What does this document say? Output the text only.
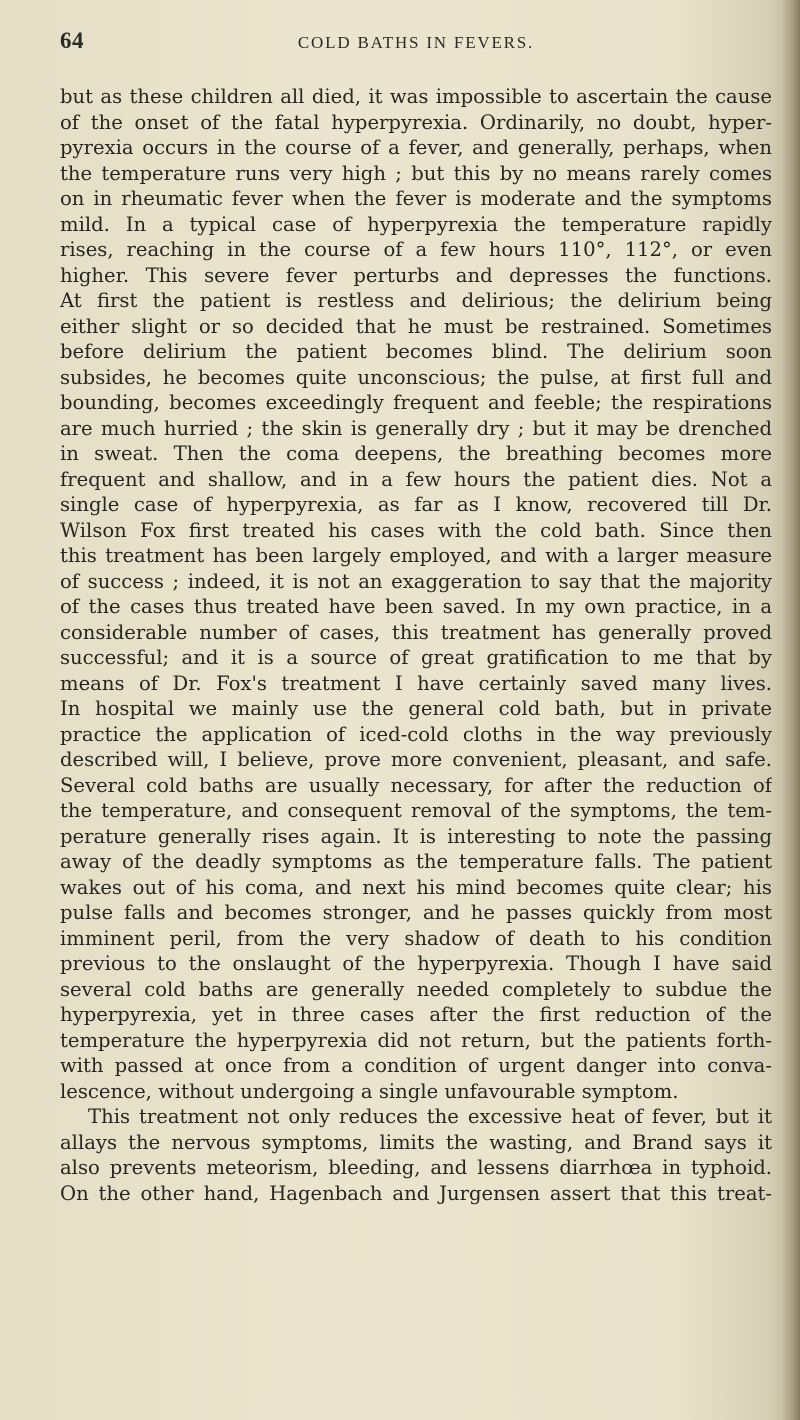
64	COLD BATHS IN FEVERS.
but as these children all died, it was impossible to ascertain the cause
of the onset of the fatal hyperpyrexia. Ordinarily, no doubt, hyper-
pyrexia occurs in the course of a fever, and generally, perhaps, when
the temperature runs very high ; but this by no means rarely comes
on in rheumatic fever when the fever is moderate and the symptoms
mild. In a typical case of hyperpyrexia the temperature rapidly
rises, reaching in the course of a few hours 110°, 112°, or even
higher. This severe fever perturbs and depresses the functions.
At first the patient is restless and delirious; the delirium being
either slight or so decided that he must be restrained. Sometimes
before delirium the patient becomes blind. The delirium soon
subsides, he becomes quite unconscious; the pulse, at first full and
bounding, becomes exceedingly frequent and feeble; the respirations
are much hurried ; the skin is generally dry ; but it may be drenched
in sweat. Then the coma deepens, the breathing becomes more
frequent and shallow, and in a few hours the patient dies. Not a
single case of hyperpyrexia, as far as I know, recovered till Dr.
Wilson Fox first treated his cases with the cold bath. Since then
this treatment has been largely employed, and with a larger measure
of success ; indeed, it is not an exaggeration to say that the majority
of the cases thus treated have been saved. In my own practice, in a
considerable number of cases, this treatment has generally proved
successful; and it is a source of great gratification to me that by
means of Dr. Fox's treatment I have certainly saved many lives.
In hospital we mainly use the general cold bath, but in private
practice the application of iced-cold cloths in the way previously
described will, I believe, prove more convenient, pleasant, and safe.
Several cold baths are usually necessary, for after the reduction of
the temperature, and consequent removal of the symptoms, the tem-
perature generally rises again. It is interesting to note the passing
away of the deadly symptoms as the temperature falls. The patient
wakes out of his coma, and next his mind becomes quite clear; his
pulse falls and becomes stronger, and he passes quickly from most
imminent peril, from the very shadow of death to his condition
previous to the onslaught of the hyperpyrexia. Though I have said
several cold baths are generally needed completely to subdue the
hyperpyrexia, yet in three cases after the first reduction of the
temperature the hyperpyrexia did not return, but the patients forth-
with passed at once from a condition of urgent danger into conva-
lescence, without undergoing a single unfavourable symptom.
This treatment not only reduces the excessive heat of fever, but it
allays the nervous symptoms, limits the wasting, and Brand says it
also prevents meteorism, bleeding, and lessens diarrhœa in typhoid.
On the other hand, Hagenbach and Jurgensen assert that this treat-
